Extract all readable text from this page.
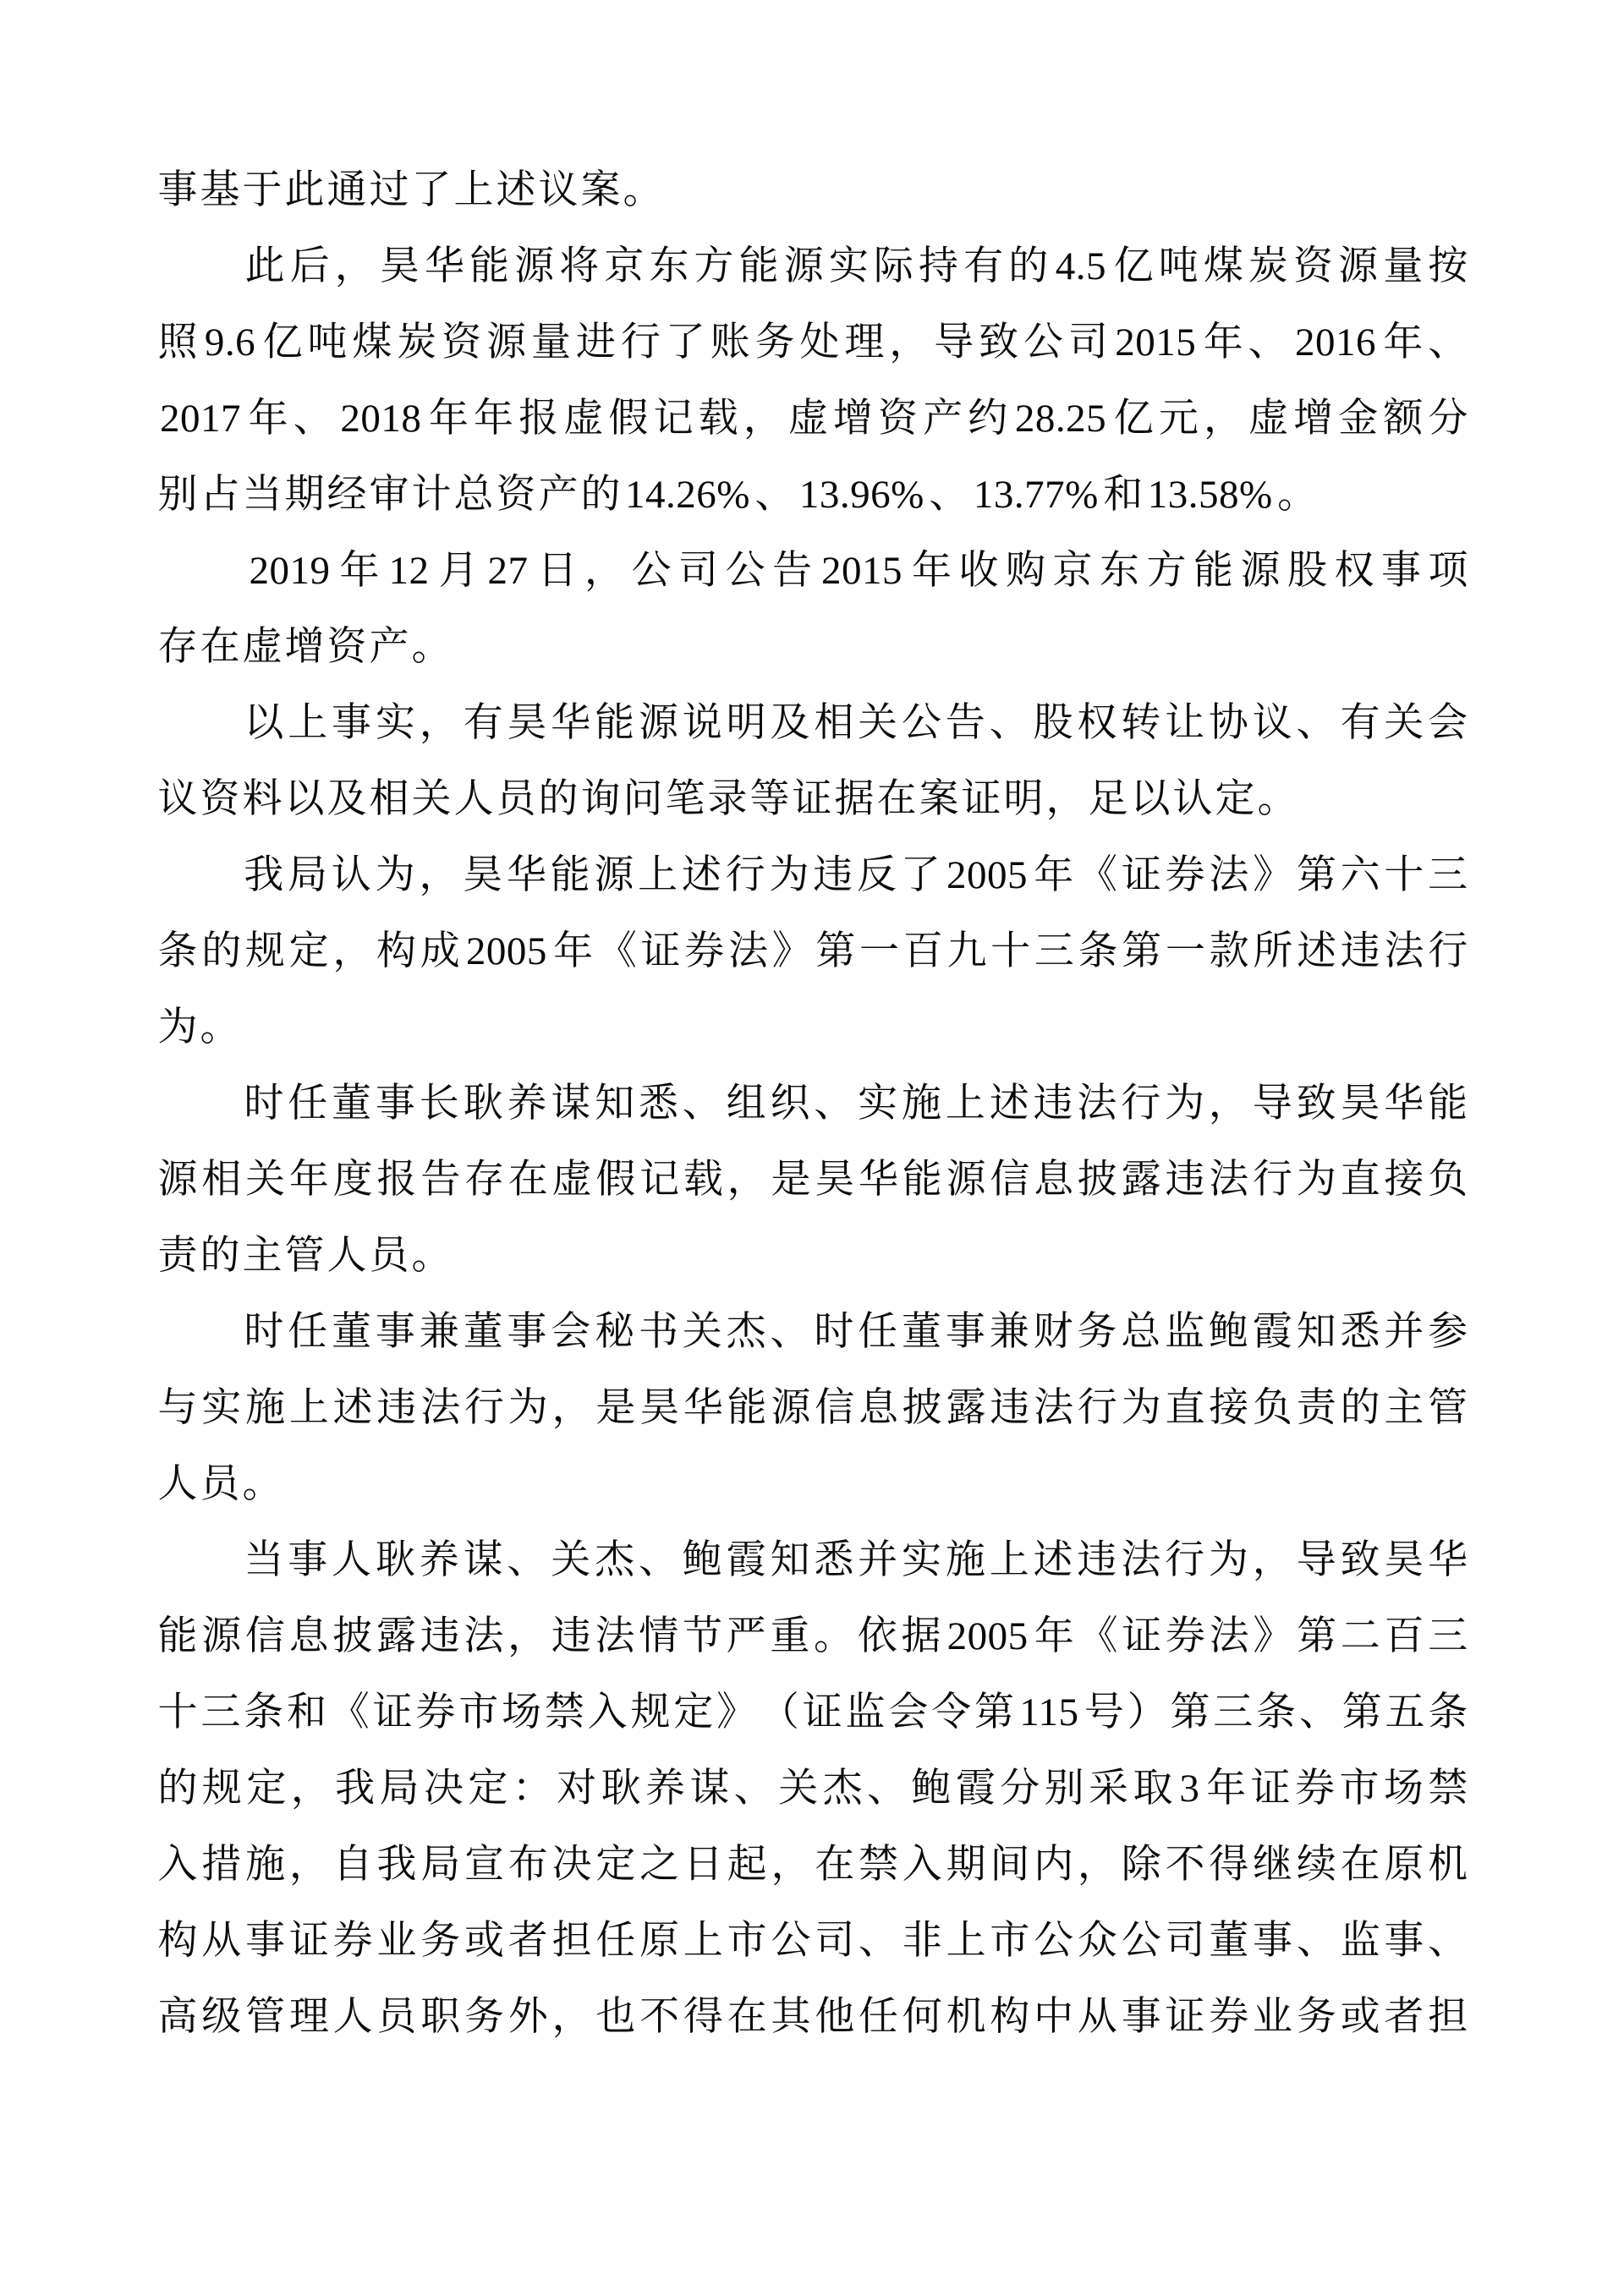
事 基 于 此 通 过 了 上 述 议 案 。
此 后 ， 昊 华 能 源 将 京 东 方 能 源 实 际 持 有 的 4.5 亿 吨 煤 炭 资 源 量 按
照 9.6 亿 吨 煤 炭 资 源 量 进 行 了 账 务 处 理 ， 导 致 公 司 2015 年 、 2016 年 、
2017 年 、 2018 年 年 报 虚 假 记 载 ， 虚 增 资 产 约 28.25 亿 元 ， 虚 增 金 额 分
别 占 当 期 经 审 计 总 资 产 的 14.26% 、 13.96% 、 13.77% 和 13.58% 。
2019 年 12 月 27 日 ， 公 司 公 告 2015 年 收 购 京 东 方 能 源 股 权 事 项
存 在 虚 增 资 产 。
以 上 事 实 ， 有 昊 华 能 源 说 明 及 相 关 公 告 、 股 权 转 让 协 议 、 有 关 会
议 资 料 以 及 相 关 人 员 的 询 问 笔 录 等 证 据 在 案 证 明 ， 足 以 认 定 。
我 局 认 为 ， 昊 华 能 源 上 述 行 为 违 反 了 2005 年 《 证 券 法 》 第 六 十 三
条 的 规 定 ， 构 成 2005 年 《 证 券 法 》 第 一 百 九 十 三 条 第 一 款 所 述 违 法 行
为 。
时 任 董 事 长 耿 养 谋 知 悉 、 组 织 、 实 施 上 述 违 法 行 为 ， 导 致 昊 华 能
源 相 关 年 度 报 告 存 在 虚 假 记 载 ， 是 昊 华 能 源 信 息 披 露 违 法 行 为 直 接 负
责 的 主 管 人 员 。
时 任 董 事 兼 董 事 会 秘 书 关 杰 、 时 任 董 事 兼 财 务 总 监 鲍 霞 知 悉 并 参
与 实 施 上 述 违 法 行 为 ， 是 昊 华 能 源 信 息 披 露 违 法 行 为 直 接 负 责 的 主 管
人 员 。
当 事 人 耿 养 谋 、 关 杰 、 鲍 霞 知 悉 并 实 施 上 述 违 法 行 为 ， 导 致 昊 华
能 源 信 息 披 露 违 法 ， 违 法 情 节 严 重 。 依 据 2005 年 《 证 券 法 》 第 二 百 三
十 三 条 和 《 证 券 市 场 禁 入 规 定 》 （ 证 监 会 令 第 115 号 ） 第 三 条 、 第 五 条
的 规 定 ， 我 局 决 定 ： 对 耿 养 谋 、 关 杰 、 鲍 霞 分 别 采 取 3 年 证 券 市 场 禁
入 措 施 ， 自 我 局 宣 布 决 定 之 日 起 ， 在 禁 入 期 间 内 ， 除 不 得 继 续 在 原 机
构 从 事 证 券 业 务 或 者 担 任 原 上 市 公 司 、 非 上 市 公 众 公 司 董 事 、 监 事 、
高 级 管 理 人 员 职 务 外 ， 也 不 得 在 其 他 任 何 机 构 中 从 事 证 券 业 务 或 者 担
